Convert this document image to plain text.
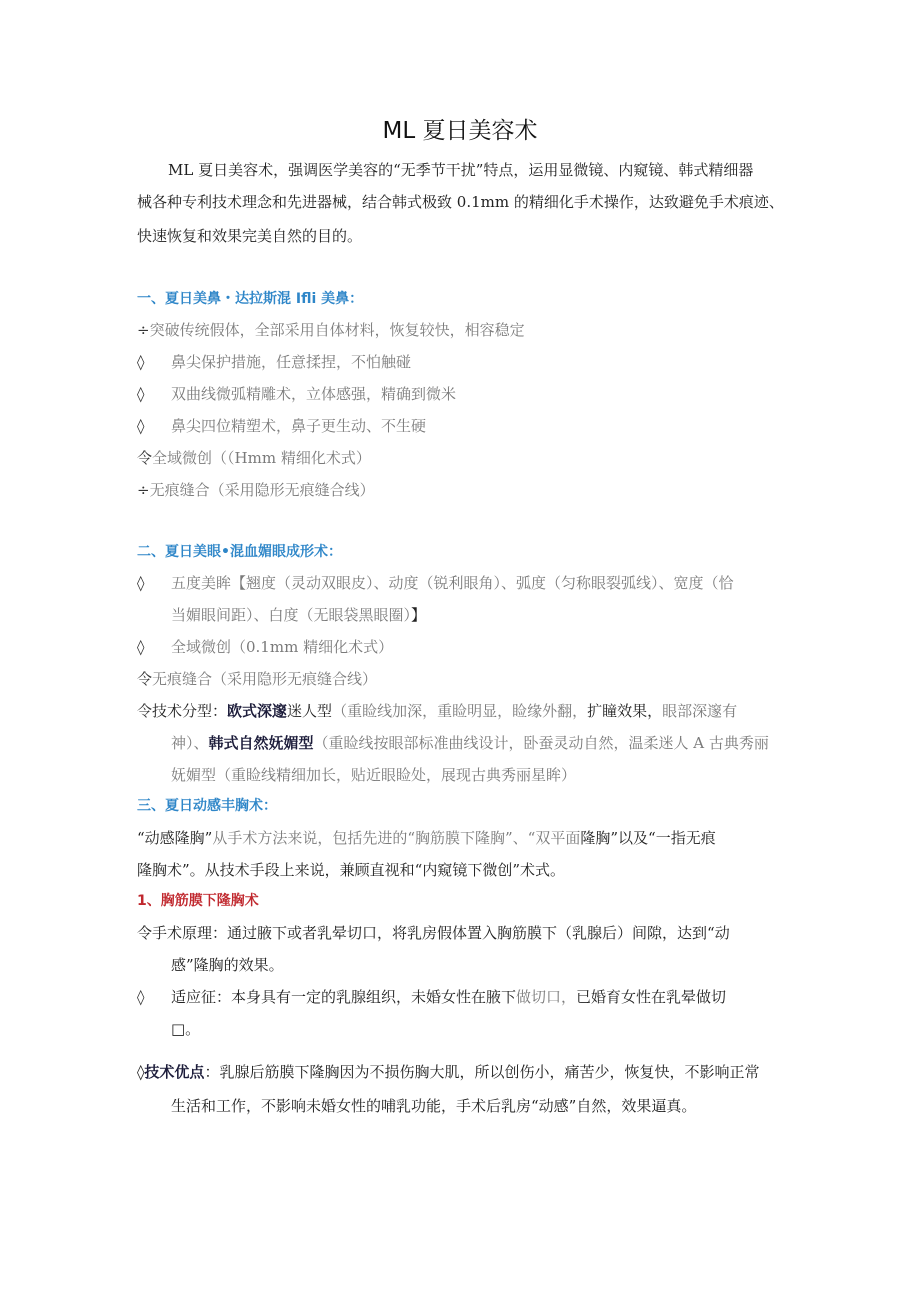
ML 夏日美容术
ML 夏日美容术，强调医学美容的“无季节干扰”特点，运用显微镜、内窥镜、韩式精细器
械各种专利技术理念和先进器械，结合韩式极致 0.1mm 的精细化手术操作，达致避免手术痕迹、
快速恢复和效果完美自然的目的。
一、夏日美鼻・达拉斯混 Ifli 美鼻：
÷突破传统假体，全部采用自体材料，恢复较快，相容稳定
◊ 鼻尖保护措施，任意揉捏，不怕触碰
◊ 双曲线微弧精雕术，立体感强，精确到微米
◊ 鼻尖四位精塑术，鼻子更生动、不生硬
令全域微创（（Hmm 精细化术式）
÷无痕缝合（采用隐形无痕缝合线）
二、夏日美眼•混血媚眼成形术：
◊ 五度美眸【翘度（灵动双眼皮）、动度（锐利眼角）、弧度（匀称眼裂弧线）、宽度（恰
当媚眼间距）、白度（无眼袋黑眼圈）】
◊ 全域微创（0.1mm 精细化术式）
令无痕缝合（采用隐形无痕缝合线）
令技术分型：欧式深邃迷人型（重睑线加深，重睑明显，睑缘外翻，扩瞳效果，眼部深邃有
神）、韩式自然妩媚型（重睑线按眼部标准曲线设计，卧蚕灵动自然，温柔迷人 A 古典秀丽
妩媚型（重睑线精细加长，贴近眼睑处，展现古典秀丽星眸）
三、夏日动感丰胸术：
“动感隆胸”从手术方法来说，包括先进的“胸筋膜下隆胸”、“双平面隆胸”以及“一指无痕
隆胸术”。从技术手段上来说，兼顾直视和“内窥镜下微创”术式。
1、胸筋膜下隆胸术
令手术原理：通过腋下或者乳晕切口，将乳房假体置入胸筋膜下（乳腺后）间隙，达到“动
感”隆胸的效果。
◊ 适应征：本身具有一定的乳腺组织，未婚女性在腋下做切口，已婚育女性在乳晕做切
□。
◊技术优点：乳腺后筋膜下隆胸因为不损伤胸大肌，所以创伤小，痛苦少，恢复快，不影响正常
生活和工作，不影响未婚女性的哺乳功能，手术后乳房“动感”自然，效果逼真。
